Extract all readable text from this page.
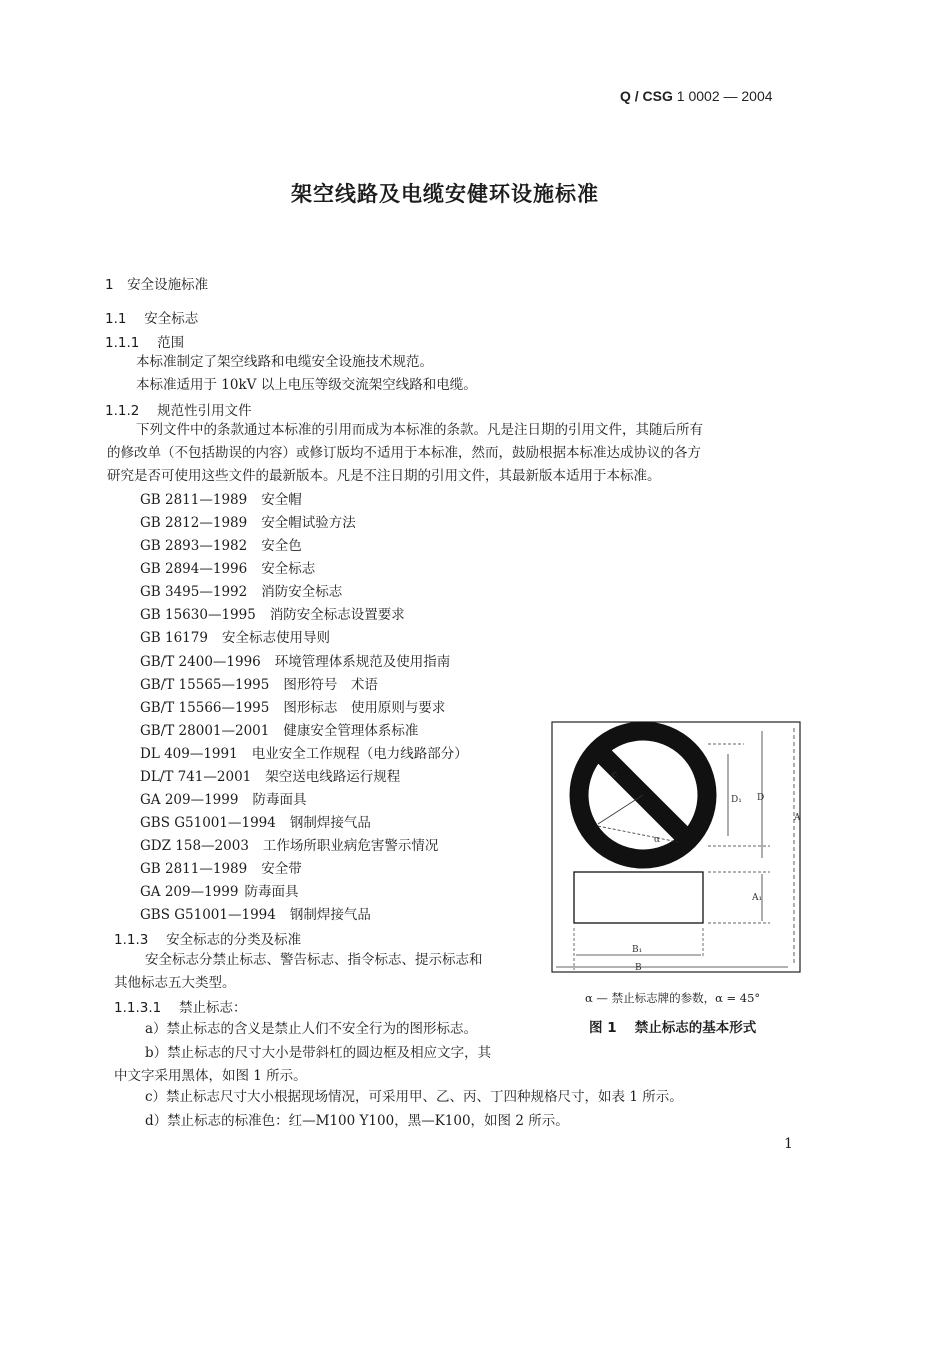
Q / CSG 1 0002 — 2004
架空线路及电缆安健环设施标准
1　安全设施标准
1.1　 安全标志
1.1.1　 范围
本标准制定了架空线路和电缆安全设施技术规范。
本标准适用于 10kV 以上电压等级交流架空线路和电缆。
1.1.2　 规范性引用文件
下列文件中的条款通过本标准的引用而成为本标准的条款。凡是注日期的引用文件，其随后所有
的修改单（不包括勘误的内容）或修订版均不适用于本标准，然而，鼓励根据本标准达成协议的各方
研究是否可使用这些文件的最新版本。凡是不注日期的引用文件，其最新版本适用于本标准。
GB 2811—1989 安全帽
GB 2812—1989 安全帽试验方法
GB 2893—1982 安全色
GB 2894—1996 安全标志
GB 3495—1992 消防安全标志
GB 15630—1995 消防安全标志设置要求
GB 16179 安全标志使用导则
GB/T 2400—1996 环境管理体系规范及使用指南
GB/T 15565—1995 图形符号　术语
GB/T 15566—1995 图形标志　使用原则与要求
GB/T 28001—2001 健康安全管理体系标准
DL 409—1991 电业安全工作规程（电力线路部分）
DL/T 741—2001 架空送电线路运行规程
GA 209—1999 防毒面具
GBS G51001—1994 钢制焊接气品
GDZ 158—2003 工作场所职业病危害警示情况
GB 2811—1989 安全带
GA 209—1999 防毒面具
GBS G51001—1994 钢制焊接气品
1.1.3　 安全标志的分类及标准
安全标志分禁止标志、警告标志、指令标志、提示标志和
其他标志五大类型。
1.1.3.1　 禁止标志：
a）禁止标志的含义是禁止人们不安全行为的图形标志。
b）禁止标志的尺寸大小是带斜杠的圆边框及相应文字，其
中文字采用黑体，如图 1 所示。
c）禁止标志尺寸大小根据现场情况，可采用甲、乙、丙、丁四种规格尺寸，如表 1 所示。
d）禁止标志的标准色：红—M100 Y100，黑—K100，如图 2 所示。
c
α
D₁ D
A
A₁
B₁
B
α — 禁止标志牌的参数，α = 45°
图 1　 禁止标志的基本形式
1
